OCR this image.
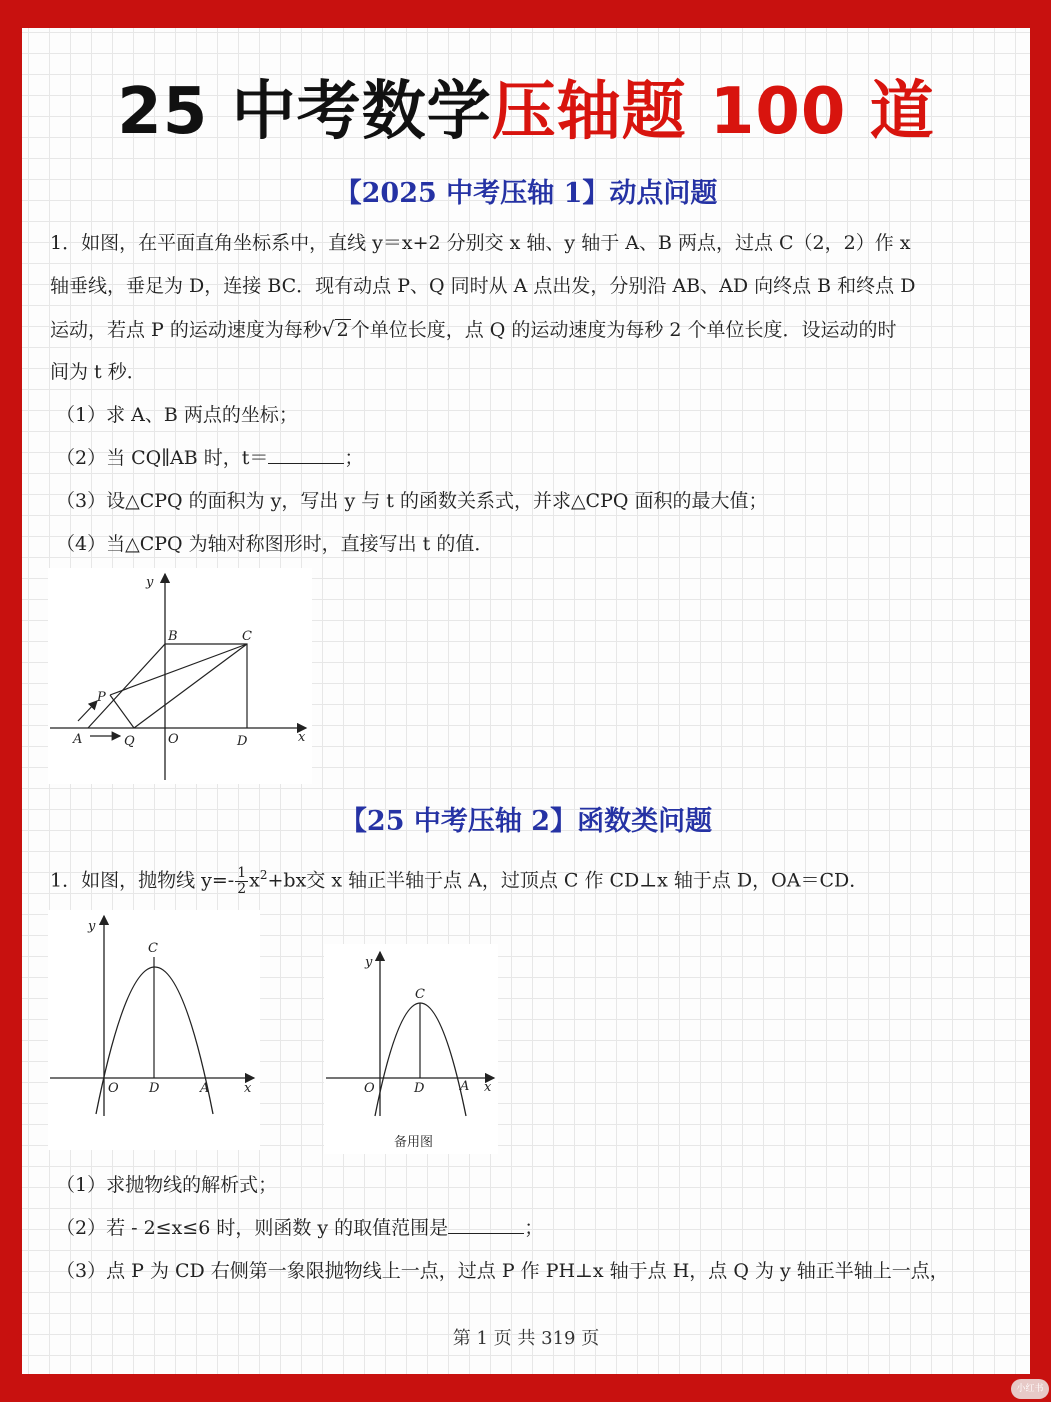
25 中考数学压轴题 100 道
【2025 中考压轴 1】动点问题
1．如图，在平面直角坐标系中，直线 y＝x+2 分别交 x 轴、y 轴于 A、B 两点，过点 C（2，2）作 x
轴垂线，垂足为 D，连接 BC．现有动点 P、Q 同时从 A 点出发，分别沿 AB、AD 向终点 B 和终点 D
运动，若点 P 的运动速度为每秒√ 2 个单位长度，点 Q 的运动速度为每秒 2 个单位长度．设运动的时
间为 t 秒．
（1）求 A、B 两点的坐标；
（2）当 CQ∥AB 时，t＝	；
（3）设△CPQ 的面积为 y，写出 y 与 t 的函数关系式，并求△CPQ 面积的最大值；
（4）当△CPQ 为轴对称图形时，直接写出 t 的值．
y
x
B	C
P
A	Q	O	D
【25 中考压轴 2】函数类问题
1．如图，抛物线 $y=- \frac{1}{2} x^2+bx$交 x 轴正半轴于点 A，过顶点 C 作 CD⊥x 轴于点 D，OA＝CD．
y
x
C
O D	A
y
x
C
O	D	A
备用图
（1）求抛物线的解析式；
（2）若 - 2≤x≤6 时，则函数 y 的取值范围是	；
（3）点 P 为 CD 右侧第一象限抛物线上一点，过点 P 作 PH⊥x 轴于点 H，点 Q 为 y 轴正半轴上一点，
第 1 页 共 319 页
小红书
